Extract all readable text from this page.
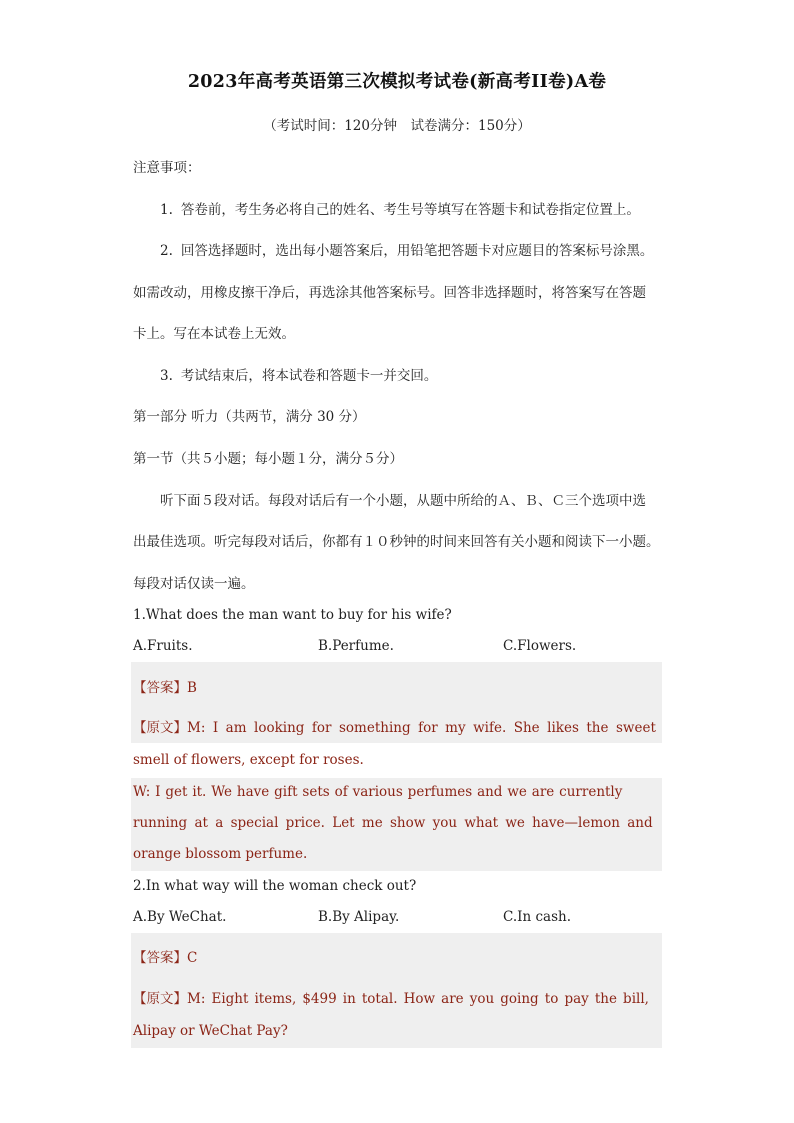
2023年高考英语第三次模拟考试卷(新高考II卷)A卷
（考试时间：120分钟　试卷满分：150分）
注意事项：
1. 答卷前，考生务必将自己的姓名、考生号等填写在答题卡和试卷指定位置上。
2. 回答选择题时，选出每小题答案后，用铅笔把答题卡对应题目的答案标号涂黑。
如需改动，用橡皮擦干净后，再选涂其他答案标号。回答非选择题时，将答案写在答题
卡上。写在本试卷上无效。
3. 考试结束后，将本试卷和答题卡一并交回。
第一部分 听力（共两节，满分 30 分）
第一节（共５小题；每小题１分，满分５分）
听下面５段对话。每段对话后有一个小题，从题中所给的Ａ、Ｂ、Ｃ三个选项中选
出最佳选项。听完每段对话后，你都有１０秒钟的时间来回答有关小题和阅读下一小题。
每段对话仅读一遍。
1.What does the man want to buy for his wife?
A.Fruits.	B.Perfume.	C.Flowers.
【答案】B
【原文】M: I am looking for something for my wife. She likes the sweet
smell of flowers, except for roses.
W: I get it. We have gift sets of various perfumes and we are currently
running at a special price. Let me show you what we have—lemon and
orange blossom perfume.
2.In what way will the woman check out?
A.By WeChat.	B.By Alipay.	C.In cash.
【答案】C
【原文】M: Eight items, $499 in total. How are you going to pay the bill,
Alipay or WeChat Pay?
